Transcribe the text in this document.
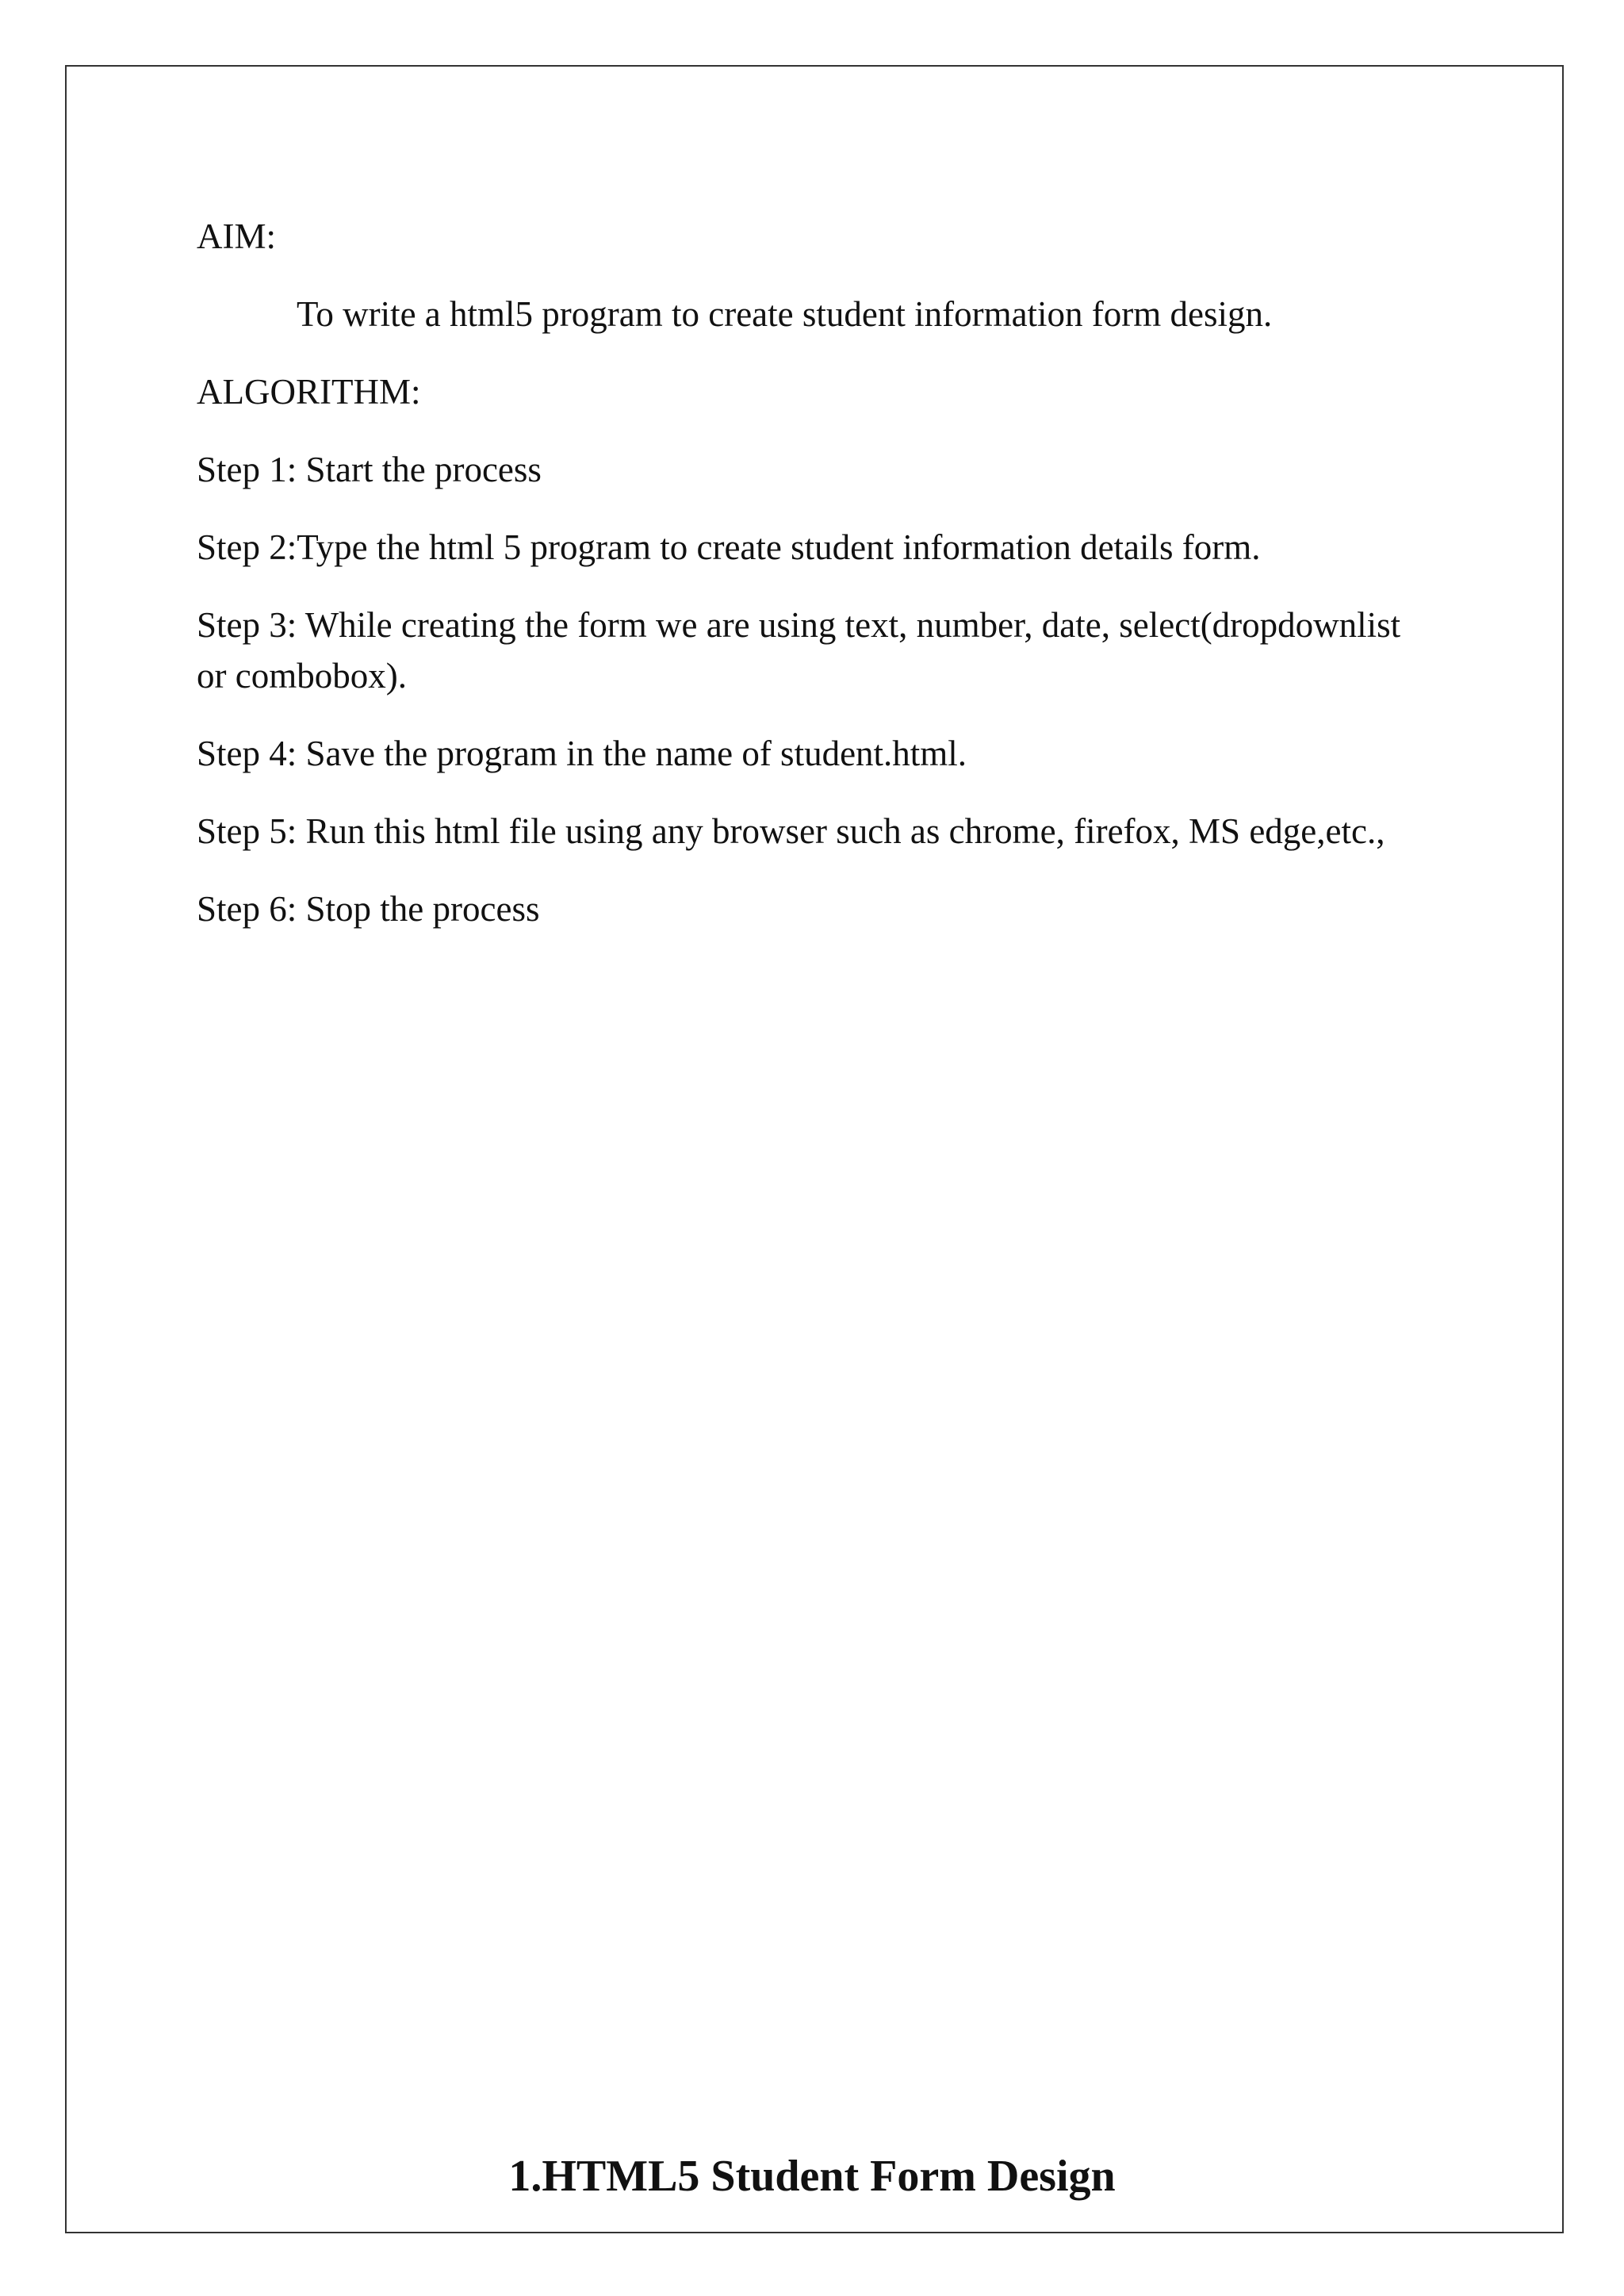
AIM:

To write a html5 program to create student information form design.

ALGORITHM:

Step 1: Start the process

Step 2:Type the html 5 program to create student information details form.

Step 3: While creating the form we are using text, number, date, select(dropdownlist or combobox).

Step 4: Save the program in the name of student.html.

Step 5: Run this html file using any browser such as chrome, firefox, MS edge,etc.,

Step 6: Stop the process

1.HTML5 Student Form Design
